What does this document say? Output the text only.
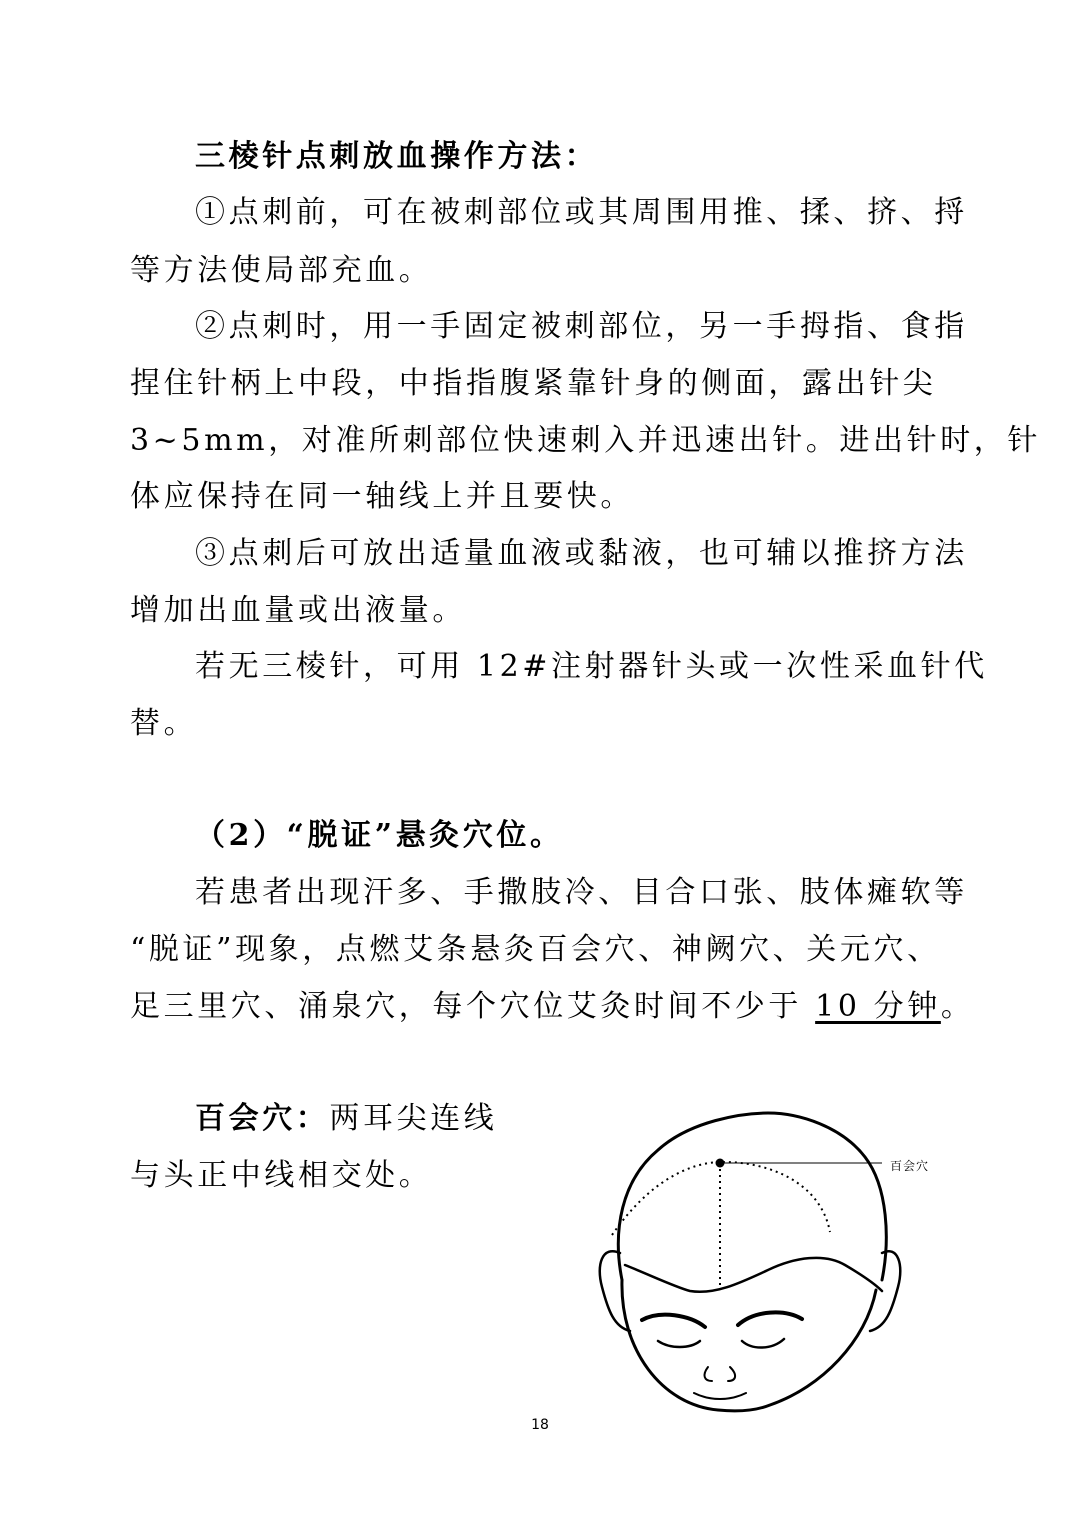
三棱针点刺放血操作方法：
①点刺前，可在被刺部位或其周围用推、揉、挤、捋
等方法使局部充血。
②点刺时，用一手固定被刺部位，另一手拇指、食指
捏住针柄上中段，中指指腹紧靠针身的侧面，露出针尖
3~5mm，对准所刺部位快速刺入并迅速出针。进出针时，针
体应保持在同一轴线上并且要快。
③点刺后可放出适量血液或黏液，也可辅以推挤方法
增加出血量或出液量。
若无三棱针，可用 12#注射器针头或一次性采血针代
替。
（2）“脱证”悬灸穴位。
若患者出现汗多、手撒肢冷、目合口张、肢体瘫软等
“脱证”现象，点燃艾条悬灸百会穴、神阙穴、关元穴、
足三里穴、涌泉穴，每个穴位艾灸时间不少于 10 分钟。
百会穴：两耳尖连线
与头正中线相交处。	百会穴
18
